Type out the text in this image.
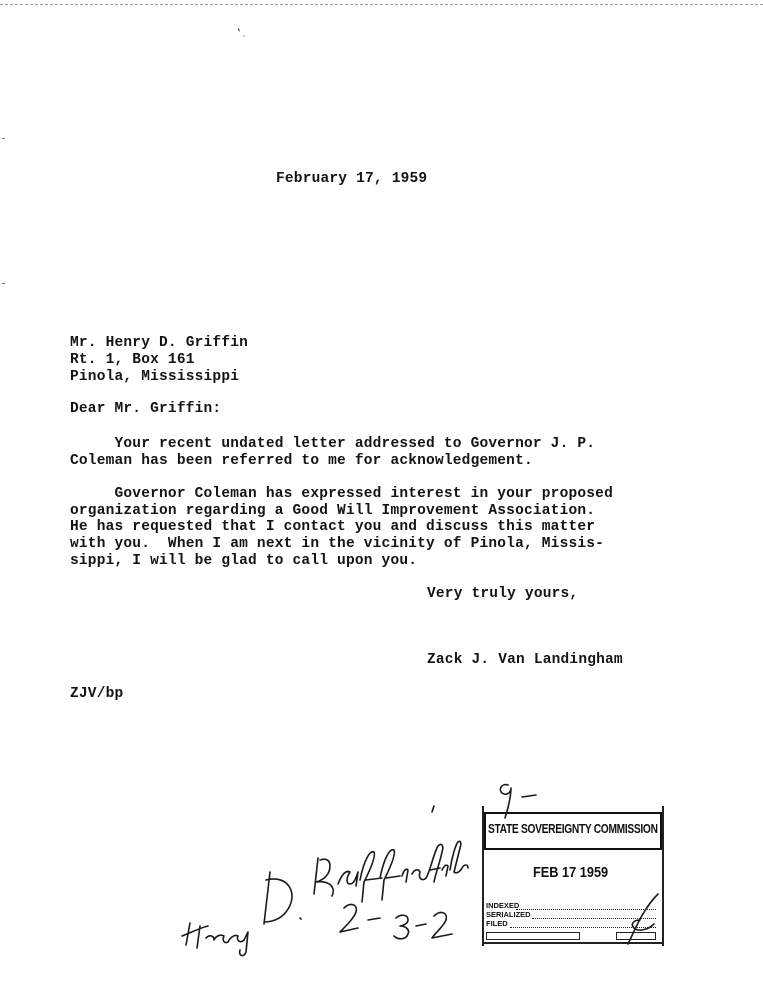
‛ˌ
February 17, 1959
Mr. Henry D. Griffin
Rt. 1, Box 161
Pinola, Mississippi
Dear Mr. Griffin:
Your recent undated letter addressed to Governor J. P.
Coleman has been referred to me for acknowledgement.
Governor Coleman has expressed interest in your proposed
organization regarding a Good Will Improvement Association.
He has requested that I contact you and discuss this matter
with you.  When I am next in the vicinity of Pinola, Missis-
sippi, I will be glad to call upon you.
Very truly yours,
Zack J. Van Landingham
ZJV/bp
STATE SOVEREIGNTY COMMISSION
INDEXED
SERIALIZED
FILED
FEB 17 1959
